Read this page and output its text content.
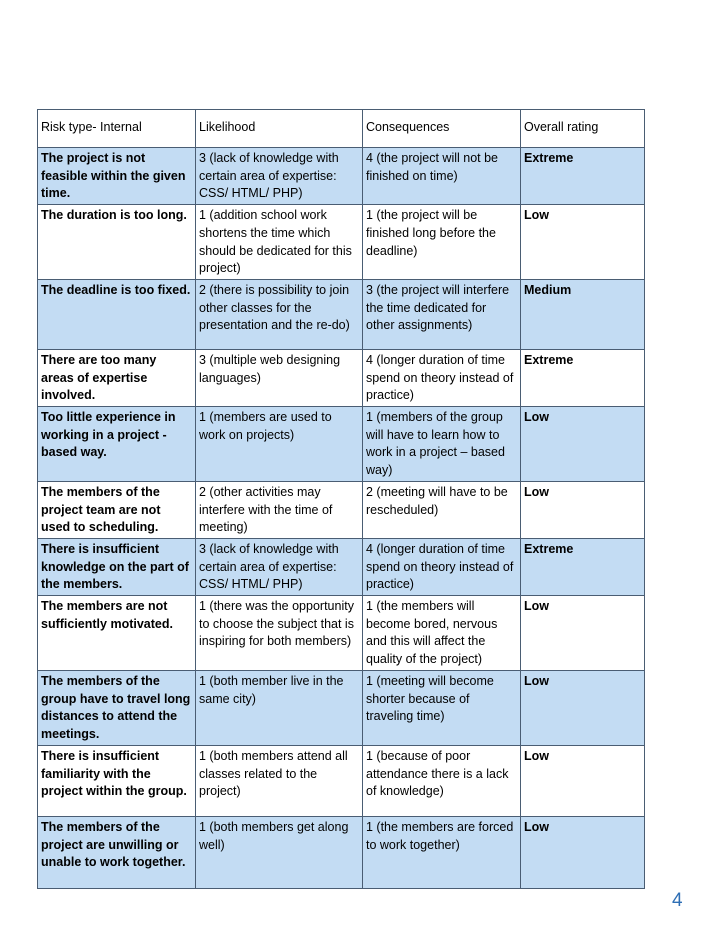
Risk type- Internal	Likelihood	Consequences	Overall rating
The project is not feasible within the given time.	3 (lack of knowledge with certain area of expertise: CSS/ HTML/ PHP)	4 (the project will not be finished on time)	Extreme
The duration is too long.	1 (addition school work shortens the time which should be dedicated for this project)	1 (the project will be finished long before the deadline)	Low
The deadline is too fixed.	2 (there is possibility to join other classes for the presentation and the re-do)	3 (the project will interfere the time dedicated for other assignments)	Medium
There are too many areas of expertise involved.	3 (multiple web designing languages)	4 (longer duration of time spend on theory instead of practice)	Extreme
Too little experience in working in a project - based way.	1 (members are used to work on projects)	1 (members of the group will have to learn how to work in a project – based way)	Low
The members of the project team are not used to scheduling.	2 (other activities may interfere with the time of meeting)	2 (meeting will have to be rescheduled)	Low
There is insufficient knowledge on the part of the members.	3 (lack of knowledge with certain area of expertise: CSS/ HTML/ PHP)	4 (longer duration of time spend on theory instead of practice)	Extreme
The members are not sufficiently motivated.	1 (there was the opportunity to choose the subject that is inspiring for both members)	1 (the members will become bored, nervous and this will affect the quality of the project)	Low
The members of the group have to travel long distances to attend the meetings.	1 (both member live in the same city)	1 (meeting will become shorter because of traveling time)	Low
There is insufficient familiarity with the project within the group.	1 (both members attend all classes related to the project)	1 (because of poor attendance there is a lack of knowledge)	Low
The members of the project are unwilling or unable to work together.	1 (both members get along well)	1 (the members are forced to work together)	Low
4
